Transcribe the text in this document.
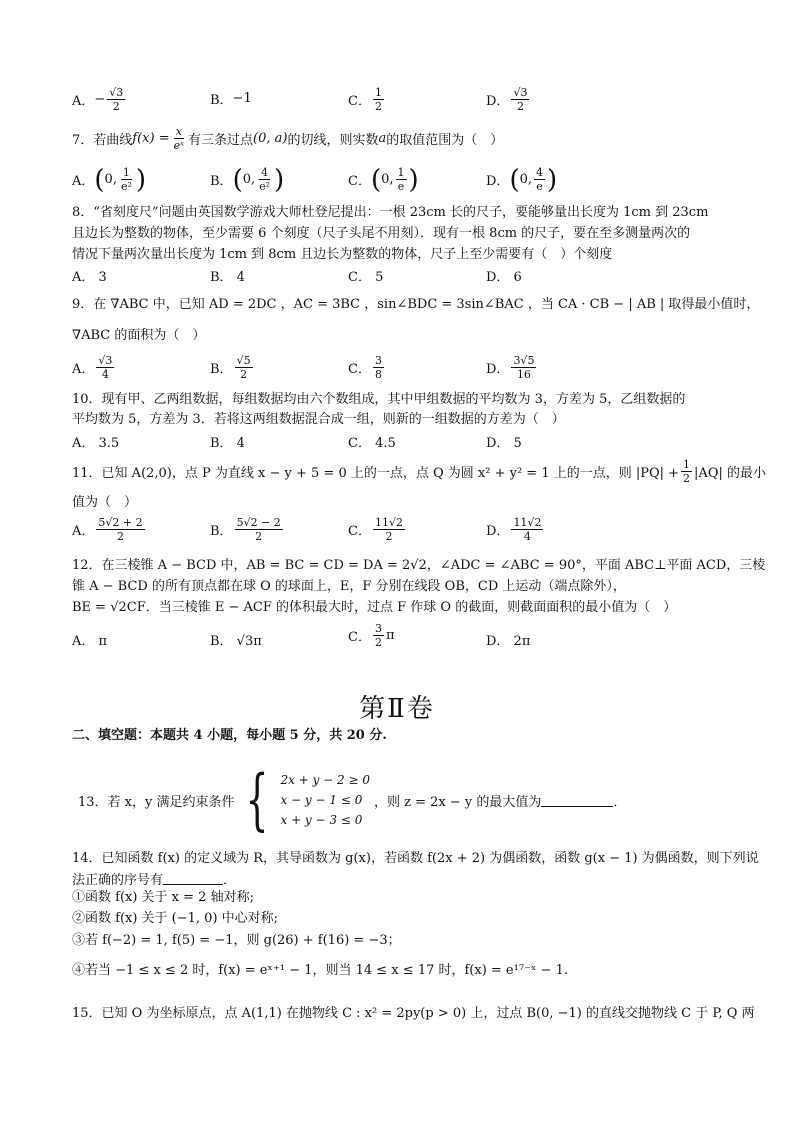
A． − $\frac{√3}{2}$	B． −1	C． $\frac{1}{2}$	D． $\frac{√3}{2}$
7．若曲线 $f(x) = \frac{x}{\text{eˣ}}$ 有三条过点 (0, a) 的切线，则实数 a 的取值范围为（　）
A． ( 0, $\frac{1}{\text{e²}}$ )	B． ( 0, $\frac{4}{\text{e²}}$ )	C． ( 0, $\frac{1}{e}$ )	D． ( 0, $\frac{4}{e}$ )
8．“省刻度尺”问题由英国数学游戏大师杜登尼提出：一根 23cm 长的尺子，要能够量出长度为 1cm 到 23cm
且边长为整数的物体，至少需要 6 个刻度（尺子头尾不用刻）．现有一根 8cm 的尺子，要在至多测量两次的
情况下量两次量出长度为 1cm 到 8cm 且边长为整数的物体，尺子上至少需要有（　）个刻度
A． 3	B． 4	C． 5	D． 6
9．在 ∇ABC 中，已知 AD = 2DC ，AC = 3BC ，sin∠BDC = 3sin∠BAC ，当 CA · CB − | AB | 取得最小值时，
∇ABC 的面积为（　）
A． $\frac{√3}{4}$	B． $\frac{√5}{2}$	C． $\frac{3}{8}$	D． $\frac{3√5}{16}$
10．现有甲、乙两组数据，每组数据均由六个数组成，其中甲组数据的平均数为 3，方差为 5，乙组数据的
平均数为 5，方差为 3．若将这两组数据混合成一组，则新的一组数据的方差为（　）
A． 3.5	B． 4	C． 4.5	D． 5
11．已知 A(2,0)，点 P 为直线 x − y + 5 = 0 上的一点，点 Q 为圆 x² + y² = 1 上的一点，则 $|PQ| + \frac{1}{2} |AQ|$ 的最小
值为（　）
A． $\frac{5√2 + 2}{2}$	B． $\frac{5√2 - 2}{2}$	C． $\frac{11√2}{2}$	D． $\frac{11√2}{4}$
12．在三棱锥 A − BCD 中，AB = BC = CD = DA = 2√2，∠ADC = ∠ABC = 90°，平面 ABC⊥平面 ACD，三棱
锥 A − BCD 的所有顶点都在球 O 的球面上，E，F 分别在线段 OB，CD 上运动（端点除外），
BE = √2CF．当三棱锥 E − ACF 的体积最大时，过点 F 作球 O 的截面，则截面面积的最小值为（　）
A． π	B． √3π	C． $\frac{3}{2}$ π	D． 2π
第Ⅱ卷
二、填空题：本题共 4 小题，每小题 5 分，共 20 分.
13．若 x，y 满足约束条件 { 2x + y − 2 ≥ 0
x − y − 1 ≤ 0
x + y − 3 ≤ 0
，则 z = 2x − y 的最大值为	．
14．已知函数 f(x) 的定义域为 R，其导函数为 g(x)，若函数 f(2x + 2) 为偶函数，函数 g(x − 1) 为偶函数，则下列说
法正确的序号有	．
①函数 f(x) 关于 x = 2 轴对称;
②函数 f(x) 关于 (−1, 0) 中心对称;
③若 f(−2) = 1, f(5) = −1，则 g(26) + f(16) = −3；
④若当 −1 ≤ x ≤ 2 时，f(x) = eˣ⁺¹ − 1，则当 14 ≤ x ≤ 17 时，f(x) = e¹⁷⁻ˣ − 1.
15．已知 O 为坐标原点，点 A(1,1) 在抛物线 C : x² = 2py(p > 0) 上，过点 B(0, −1) 的直线交抛物线 C 于 P, Q 两
